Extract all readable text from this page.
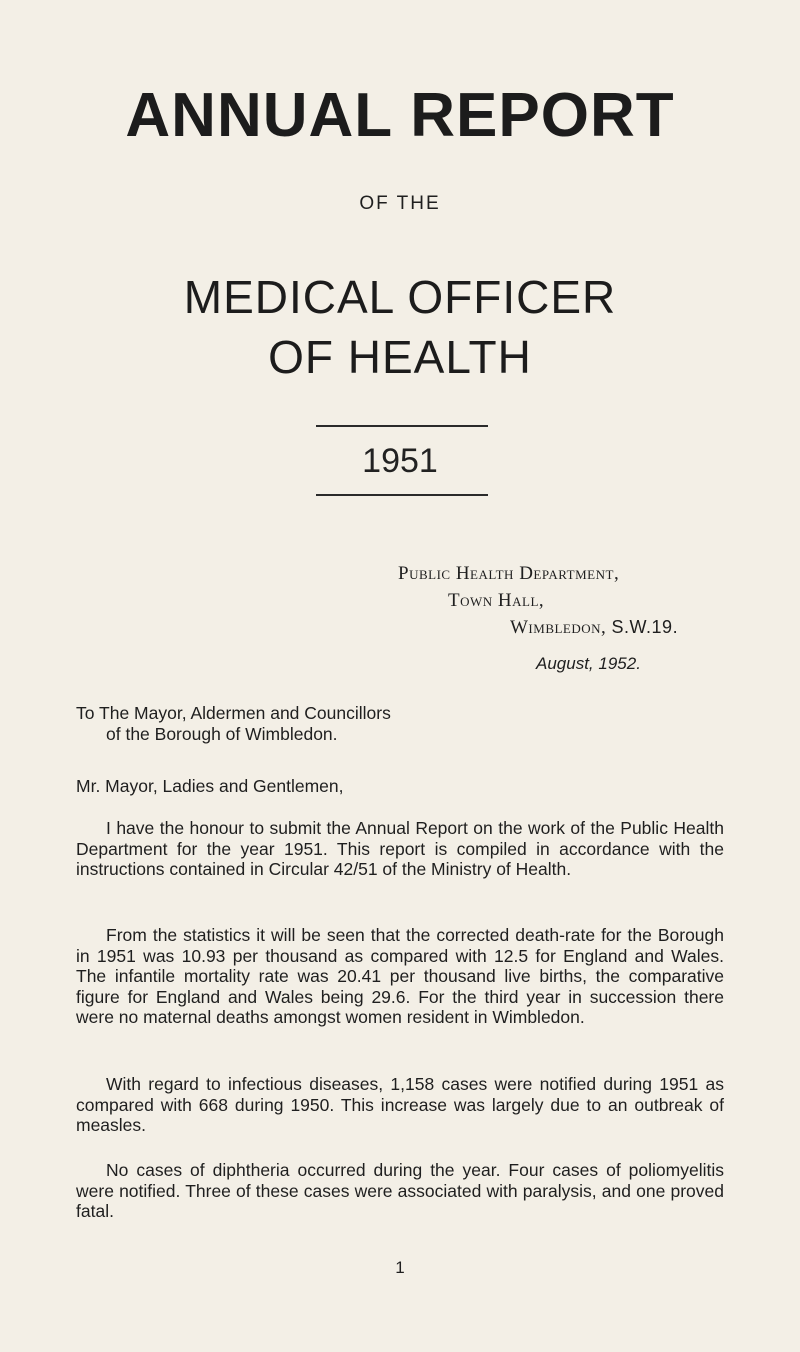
ANNUAL REPORT
OF THE
MEDICAL OFFICER
OF HEALTH
1951
Public Health Department,
Town Hall,
Wimbledon, S.W.19.
August, 1952.
To The Mayor, Aldermen and Councillors
of the Borough of Wimbledon.
Mr. Mayor, Ladies and Gentlemen,
I have the honour to submit the Annual Report on the work of the Public Health Department for the year 1951. This report is compiled in accordance with the instructions contained in Circular 42/51 of the Ministry of Health.
From the statistics it will be seen that the corrected death-rate for the Borough in 1951 was 10.93 per thousand as compared with 12.5 for England and Wales. The infantile mortality rate was 20.41 per thousand live births, the comparative figure for England and Wales being 29.6. For the third year in succession there were no maternal deaths amongst women resident in Wimbledon.
With regard to infectious diseases, 1,158 cases were notified during 1951 as compared with 668 during 1950. This increase was largely due to an outbreak of measles.
No cases of diphtheria occurred during the year. Four cases of poliomyelitis were notified. Three of these cases were associated with paralysis, and one proved fatal.
1
